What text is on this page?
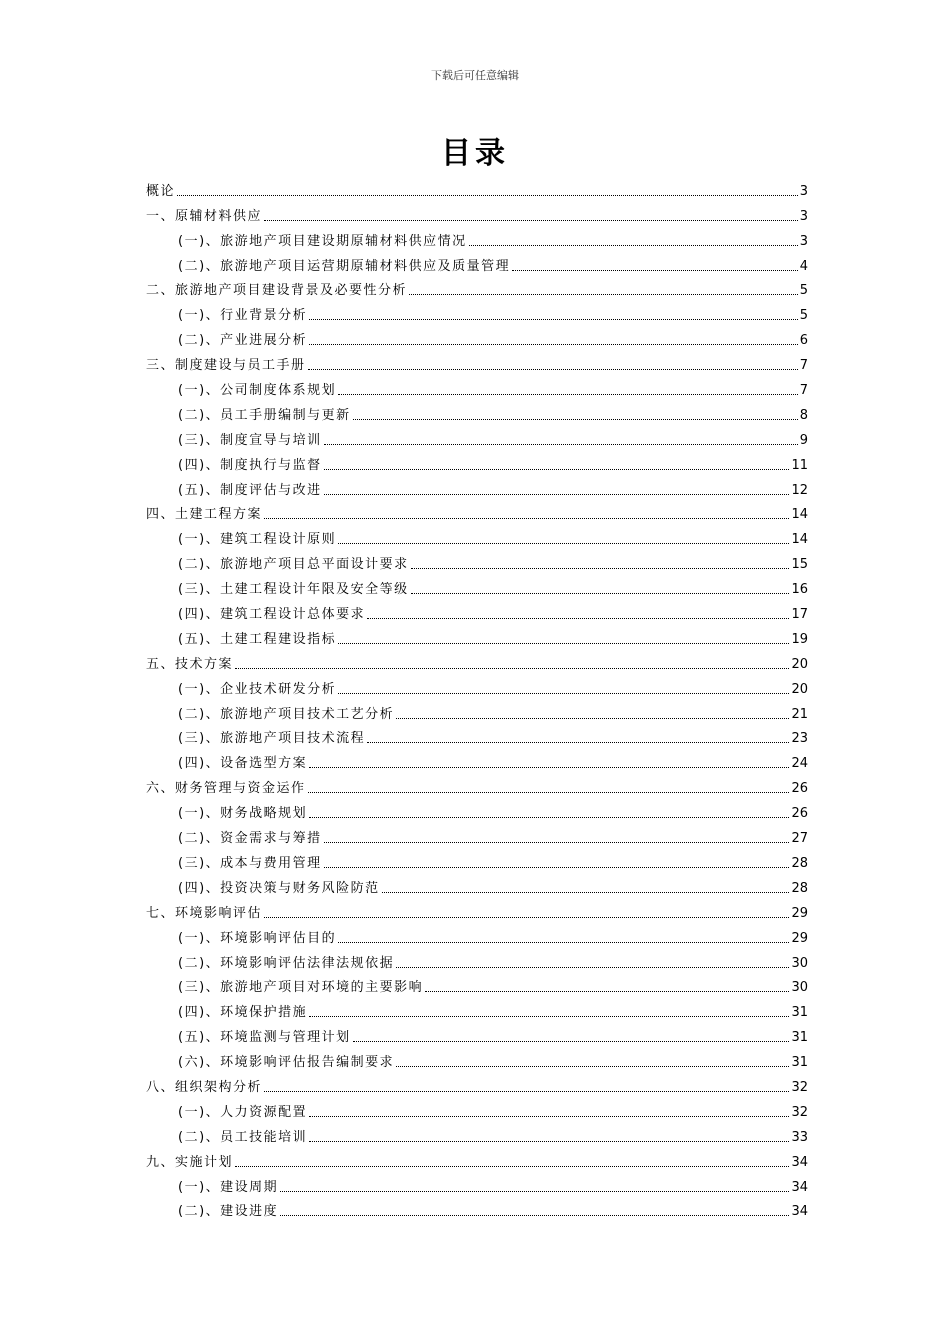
下载后可任意编辑
目录
概论	3
一、原辅材料供应	3
(一)、旅游地产项目建设期原辅材料供应情况	3
(二)、旅游地产项目运营期原辅材料供应及质量管理	4
二、旅游地产项目建设背景及必要性分析	5
(一)、行业背景分析	5
(二)、产业进展分析	6
三、制度建设与员工手册	7
(一)、公司制度体系规划	7
(二)、员工手册编制与更新	8
(三)、制度宣导与培训	9
(四)、制度执行与监督	11
(五)、制度评估与改进	12
四、土建工程方案	14
(一)、建筑工程设计原则	14
(二)、旅游地产项目总平面设计要求	15
(三)、土建工程设计年限及安全等级	16
(四)、建筑工程设计总体要求	17
(五)、土建工程建设指标	19
五、技术方案	20
(一)、企业技术研发分析	20
(二)、旅游地产项目技术工艺分析	21
(三)、旅游地产项目技术流程	23
(四)、设备选型方案	24
六、财务管理与资金运作	26
(一)、财务战略规划	26
(二)、资金需求与筹措	27
(三)、成本与费用管理	28
(四)、投资决策与财务风险防范	28
七、环境影响评估	29
(一)、环境影响评估目的	29
(二)、环境影响评估法律法规依据	30
(三)、旅游地产项目对环境的主要影响	30
(四)、环境保护措施	31
(五)、环境监测与管理计划	31
(六)、环境影响评估报告编制要求	31
八、组织架构分析	32
(一)、人力资源配置	32
(二)、员工技能培训	33
九、实施计划	34
(一)、建设周期	34
(二)、建设进度	34
